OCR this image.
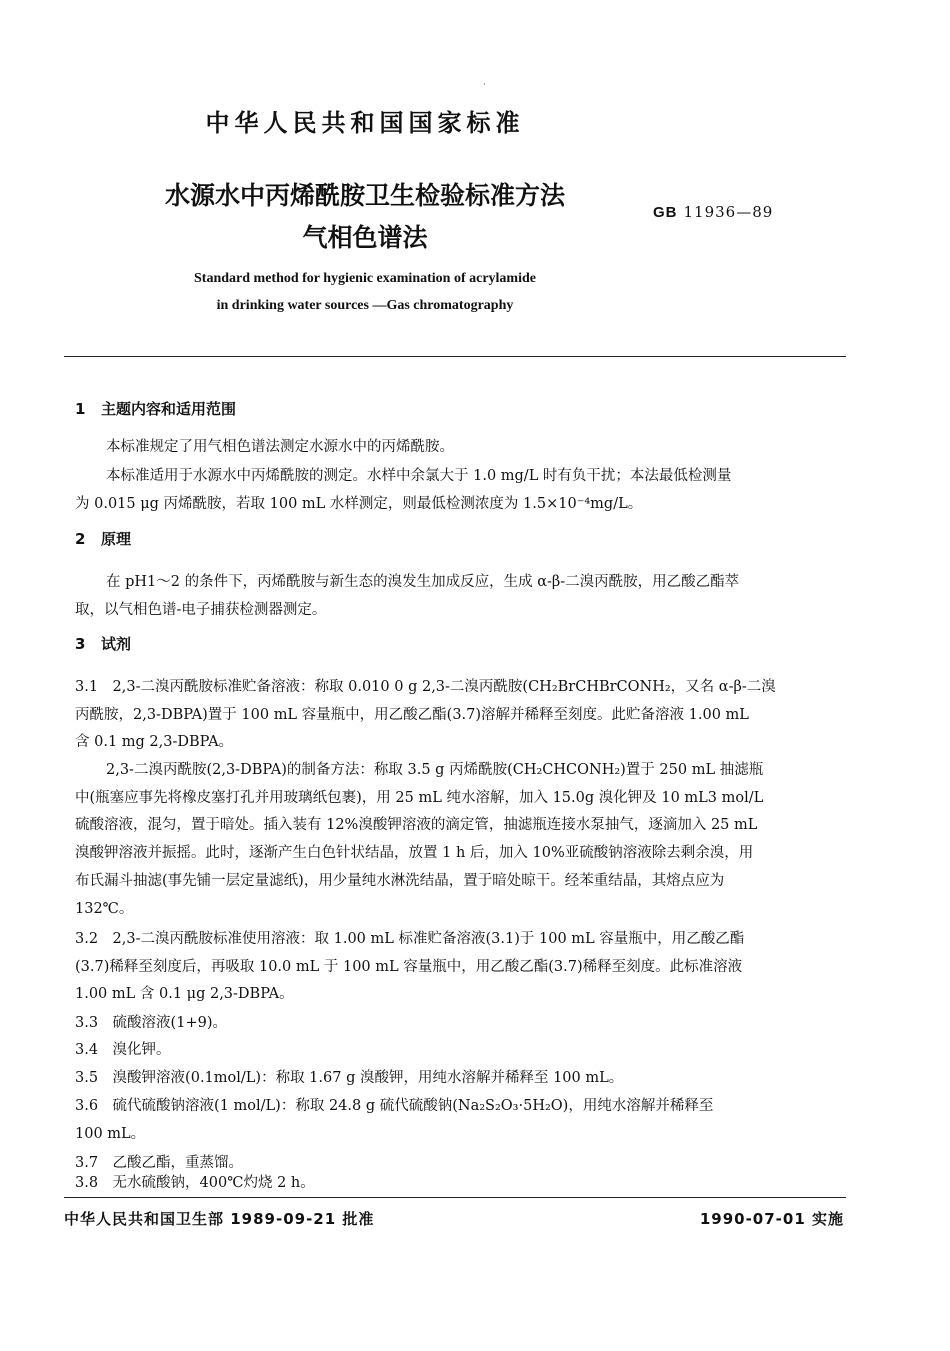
·
中华人民共和国国家标准
水源水中丙烯酰胺卫生检验标准方法
气相色谱法
GB 11936—89
Standard method for hygienic examination of acrylamide
in drinking water sources —Gas chromatography
1 主题内容和适用范围
本标准规定了用气相色谱法测定水源水中的丙烯酰胺。
本标准适用于水源水中丙烯酰胺的测定。水样中余氯大于 1.0 mg/L 时有负干扰；本法最低检测量
为 0.015 μg 丙烯酰胺，若取 100 mL 水样测定，则最低检测浓度为 1.5×10⁻⁴mg/L。
2 原理
在 pH1～2 的条件下，丙烯酰胺与新生态的溴发生加成反应，生成 α-β-二溴丙酰胺，用乙酸乙酯萃
取，以气相色谱-电子捕获检测器测定。
3 试剂
3.1　2,3-二溴丙酰胺标准贮备溶液：称取 0.010 0 g 2,3-二溴丙酰胺(CH₂BrCHBrCONH₂，又名 α-β-二溴
丙酰胺，2,3-DBPA)置于 100 mL 容量瓶中，用乙酸乙酯(3.7)溶解并稀释至刻度。此贮备溶液 1.00 mL
含 0.1 mg 2,3-DBPA。
2,3-二溴丙酰胺(2,3-DBPA)的制备方法：称取 3.5 g 丙烯酰胺(CH₂CHCONH₂)置于 250 mL 抽滤瓶
中(瓶塞应事先将橡皮塞打孔并用玻璃纸包裹)，用 25 mL 纯水溶解，加入 15.0g 溴化钾及 10 mL3 mol/L
硫酸溶液，混匀，置于暗处。插入装有 12%溴酸钾溶液的滴定管，抽滤瓶连接水泵抽气，逐滴加入 25 mL
溴酸钾溶液并振摇。此时，逐渐产生白色针状结晶，放置 1 h 后，加入 10%亚硫酸钠溶液除去剩余溴，用
布氏漏斗抽滤(事先铺一层定量滤纸)，用少量纯水淋洗结晶，置于暗处晾干。经苯重结晶，其熔点应为
132℃。
3.2　2,3-二溴丙酰胺标准使用溶液：取 1.00 mL 标准贮备溶液(3.1)于 100 mL 容量瓶中，用乙酸乙酯
(3.7)稀释至刻度后，再吸取 10.0 mL 于 100 mL 容量瓶中，用乙酸乙酯(3.7)稀释至刻度。此标准溶液
1.00 mL 含 0.1 μg 2,3-DBPA。
3.3　硫酸溶液(1+9)。
3.4　溴化钾。
3.5　溴酸钾溶液(0.1mol/L)：称取 1.67 g 溴酸钾，用纯水溶解并稀释至 100 mL。
3.6　硫代硫酸钠溶液(1 mol/L)：称取 24.8 g 硫代硫酸钠(Na₂S₂O₃·5H₂O)，用纯水溶解并稀释至
100 mL。
3.7　乙酸乙酯，重蒸馏。
3.8　无水硫酸钠，400℃灼烧 2 h。
中华人民共和国卫生部 1989-09-21 批准	1990-07-01 实施
